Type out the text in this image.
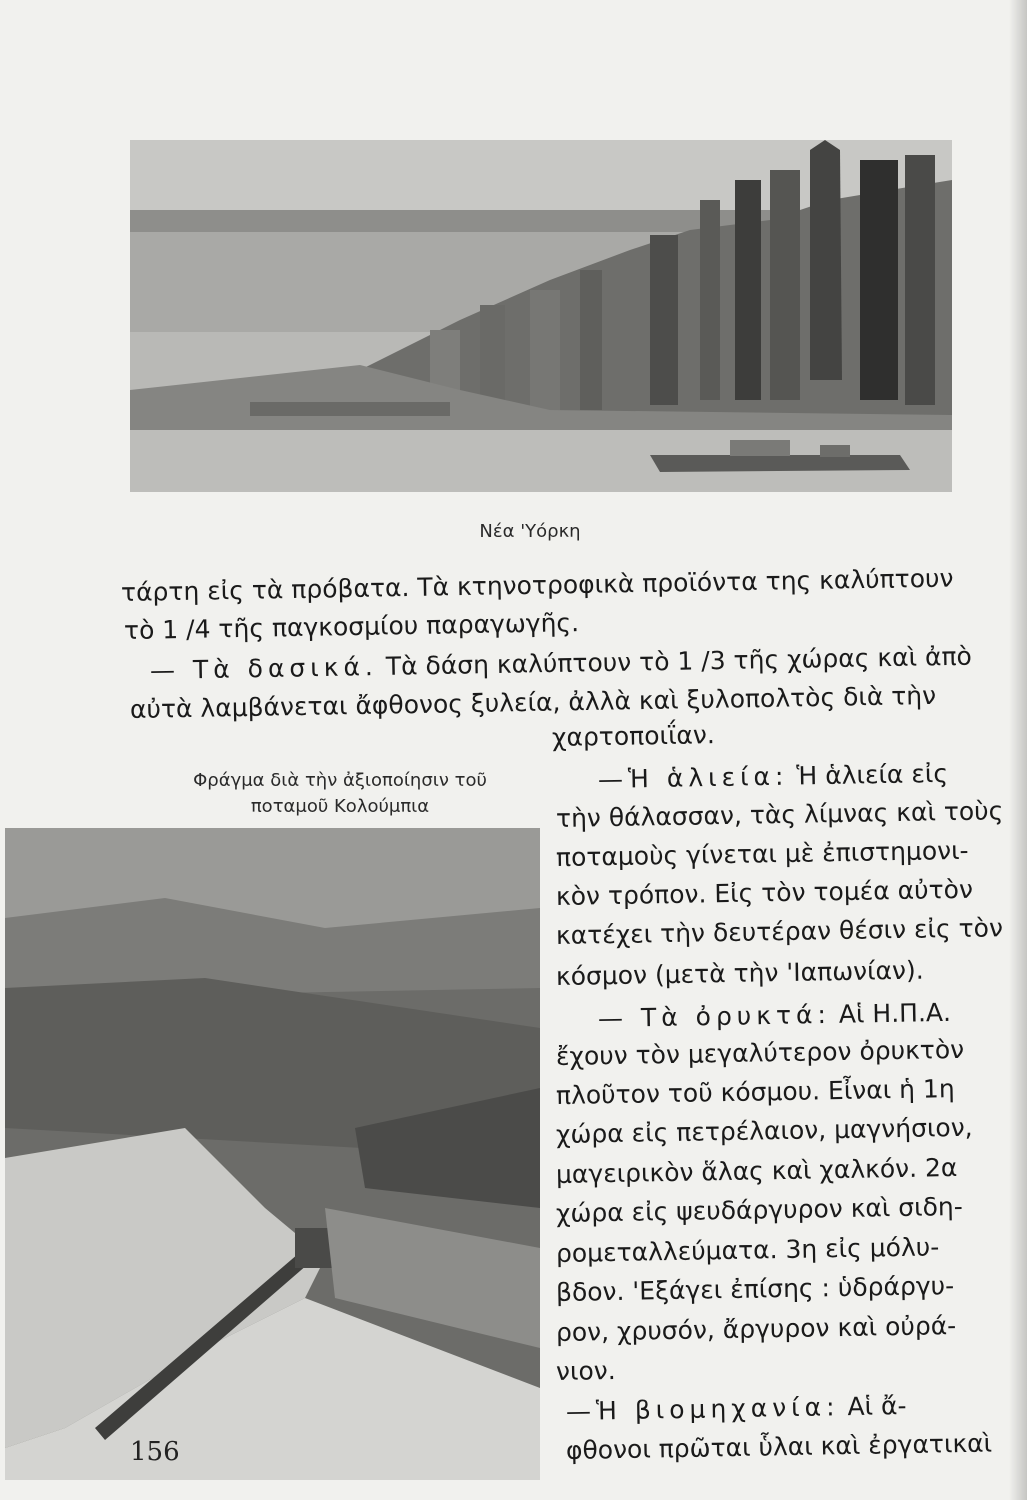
Νέα 'Υόρκη
Φράγμα διὰ τὴν ἀξιοποίησιν τοῦ
ποταμοῦ Κολούμπια
τάρτη εἰς τὰ πρόβατα. Τὰ κτηνοτροφικὰ προϊόντα της καλύπτουν
τὸ 1 /4 τῆς παγκοσμίου παραγωγῆς.
— Τὰ δασικά. Τὰ δάση καλύπτουν τὸ 1 /3 τῆς χώρας καὶ ἀπὸ
αὐτὰ λαμβάνεται ἄφθονος ξυλεία, ἀλλὰ καὶ ξυλοπολτὸς διὰ τὴν
χαρτοποιΐαν.
—Ἡ ἁλιεία: Ἡ ἁλιεία εἰς
τὴν θάλασσαν, τὰς λίμνας καὶ τοὺς
ποταμοὺς γίνεται μὲ ἐπιστημονι-
κὸν τρόπον. Εἰς τὸν τομέα αὐτὸν
κατέχει τὴν δευτέραν θέσιν εἰς τὸν
κόσμον (μετὰ τὴν 'Ιαπωνίαν).
— Τὰ ὀρυκτά: Αἱ Η.Π.Α.
ἔχουν τὸν μεγαλύτερον ὀρυκτὸν
πλοῦτον τοῦ κόσμου. Εἶναι ἡ 1η
χώρα εἰς πετρέλαιον, μαγνήσιον,
μαγειρικὸν ἅλας καὶ χαλκόν. 2α
χώρα εἰς ψευδάργυρον καὶ σιδη-
ρομεταλλεύματα. 3η εἰς μόλυ-
βδον. 'Εξάγει ἐπίσης : ὑδράργυ-
ρον, χρυσόν, ἄργυρον καὶ οὐρά-
νιον.
—Ἡ βιομηχανία: Αἱ ἄ-
φθονοι πρῶται ὗλαι καὶ ἐργατικαὶ
156
